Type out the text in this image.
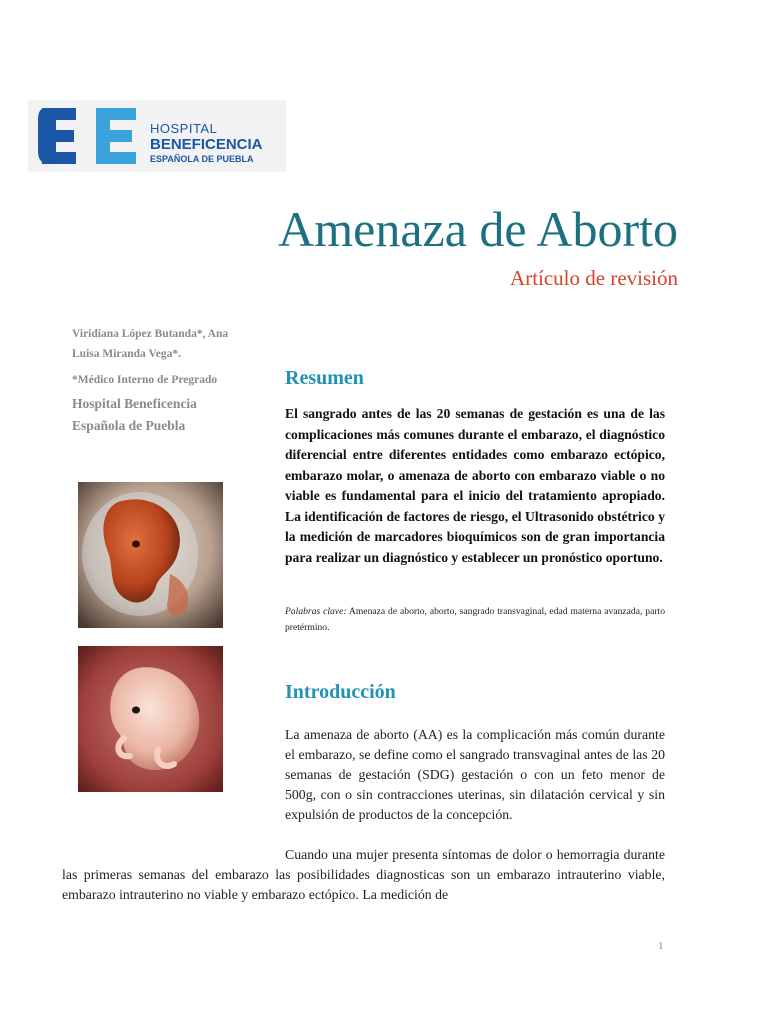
HOSPITAL
BENEFICENCIA
ESPAÑOLA DE PUEBLA
Amenaza de Aborto
Artículo de revisión
Viridiana López Butanda*, Ana Luisa Miranda Vega*.
*Médico Interno de Pregrado
Hospital Beneficencia Española de Puebla
Resumen

El sangrado antes de las 20 semanas de gestación es una de las complicaciones más comunes durante el embarazo, el diagnóstico diferencial entre diferentes entidades como embarazo ectópico, embarazo molar, o amenaza de aborto con embarazo viable o no viable es fundamental para el inicio del tratamiento apropiado. La identificación de factores de riesgo, el Ultrasonido obstétrico y la medición de marcadores bioquímicos son de gran importancia para realizar un diagnóstico y establecer un pronóstico oportuno.

Palabras clave: Amenaza de aborto, aborto, sangrado transvaginal, edad materna avanzada, parto pretérmino.

Introducción

La amenaza de aborto (AA) es la complicación más común durante el embarazo, se define como el sangrado transvaginal antes de las 20 semanas de gestación (SDG) gestación o con un feto menor de 500g, con o sin contracciones uterinas, sin dilatación cervical y sin expulsión de productos de la concepción.

Cuando una mujer presenta síntomas de dolor o hemorragia durante las primeras semanas del embarazo las posibilidades diagnosticas son un embarazo intrauterino viable, embarazo intrauterino no viable y embarazo ectópico. La medición de

1
